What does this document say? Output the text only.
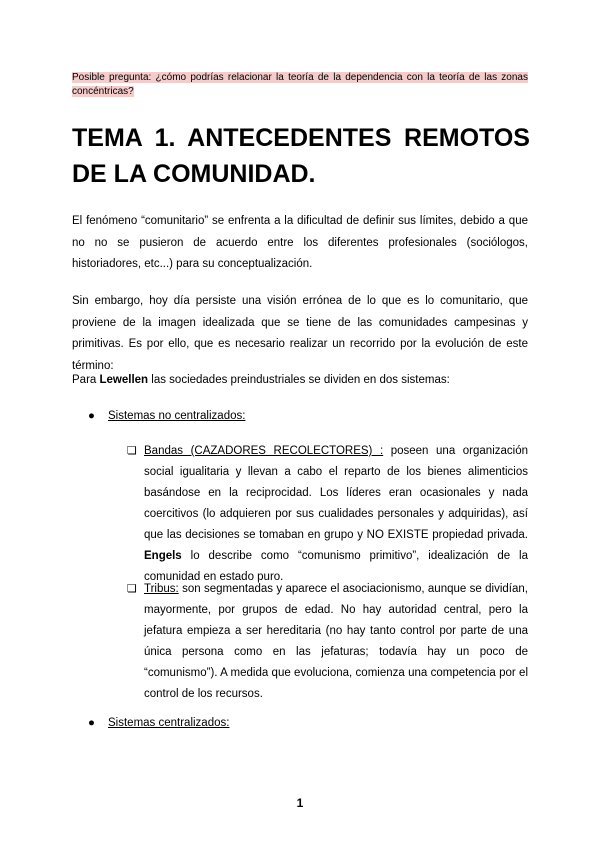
Posible pregunta: ¿cómo podrías relacionar la teoría de la dependencia con la teoría de las zonas concéntricas?
TEMA 1. ANTECEDENTES REMOTOS DE LA COMUNIDAD.

El fenómeno “comunitario” se enfrenta a la dificultad de definir sus límites, debido a que no no se pusieron de acuerdo entre los diferentes profesionales (sociólogos, historiadores, etc...) para su conceptualización.

Sin embargo, hoy día persiste una visión errónea de lo que es lo comunitario, que proviene de la imagen idealizada que se tiene de las comunidades campesinas y primitivas. Es por ello, que es necesario realizar un recorrido por la evolución de este término:

Para Lewellen las sociedades preindustriales se dividen en dos sistemas:

● Sistemas no centralizados:
❏ Bandas (CAZADORES RECOLECTORES) : poseen una organización social igualitaria y llevan a cabo el reparto de los bienes alimenticios basándose en la reciprocidad. Los líderes eran ocasionales y nada coercitivos (lo adquieren por sus cualidades personales y adquiridas), así que las decisiones se tomaban en grupo y NO EXISTE propiedad privada. Engels lo describe como “comunismo primitivo”, idealización de la comunidad en estado puro.
❏ Tribus: son segmentadas y aparece el asociacionismo, aunque se dividían, mayormente, por grupos de edad. No hay autoridad central, pero la jefatura empieza a ser hereditaria (no hay tanto control por parte de una única persona como en las jefaturas; todavía hay un poco de “comunismo”). A medida que evoluciona, comienza una competencia por el control de los recursos.
● Sistemas centralizados:
1
